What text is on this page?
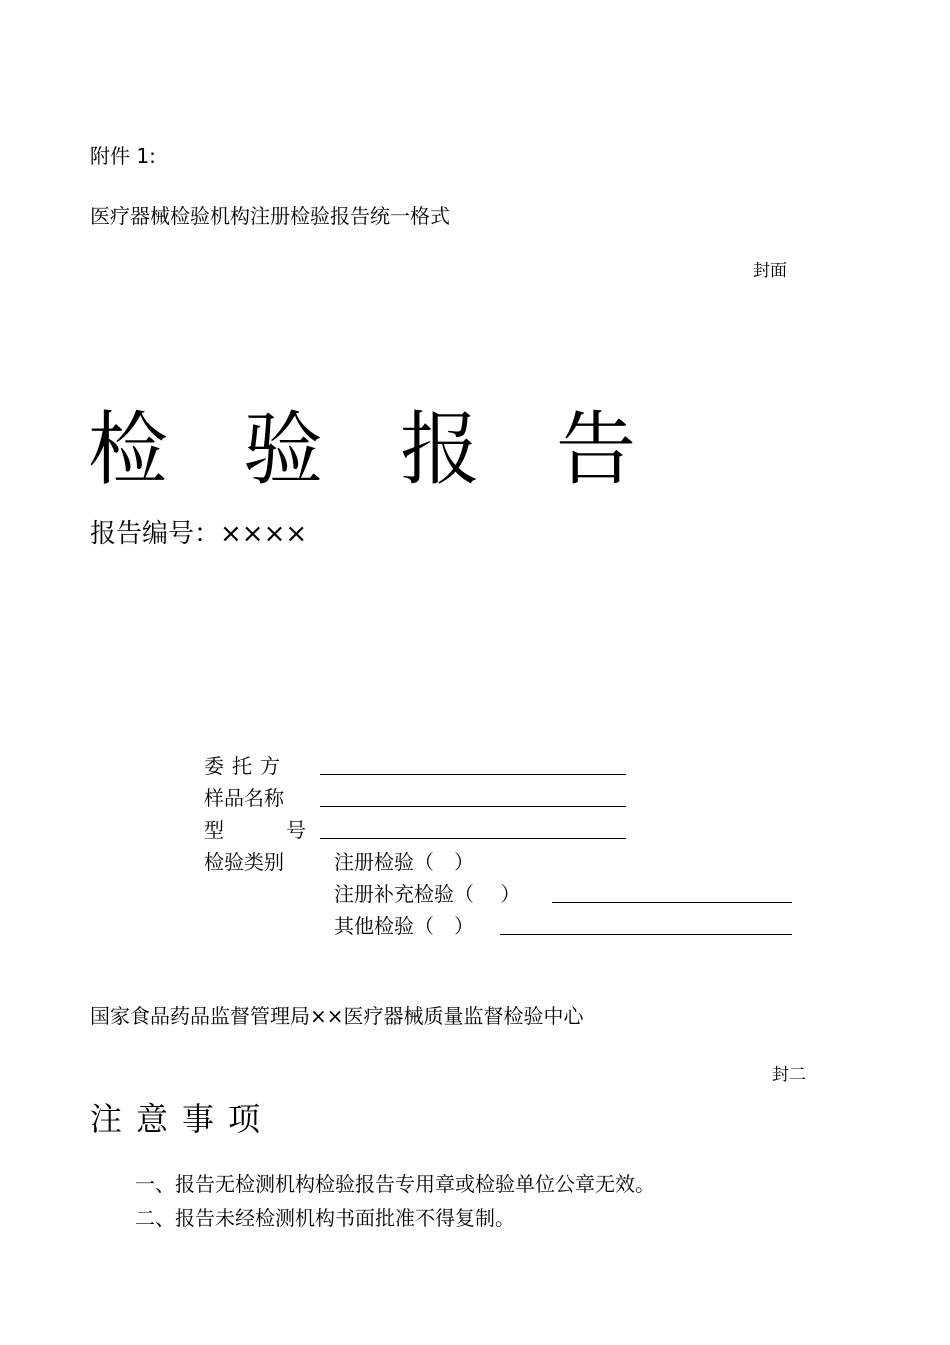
附件 1:
医疗器械检验机构注册检验报告统一格式
封面
检 验 报 告
报告编号：××××
委托方
样品名称
型	号
检验类别	注册检验（　）
注册补充检验（　 ）
其他检验（　）
国家食品药品监督管理局××医疗器械质量监督检验中心
封二
注意事项
一、报告无检测机构检验报告专用章或检验单位公章无效。
二、报告未经检测机构书面批准不得复制。
